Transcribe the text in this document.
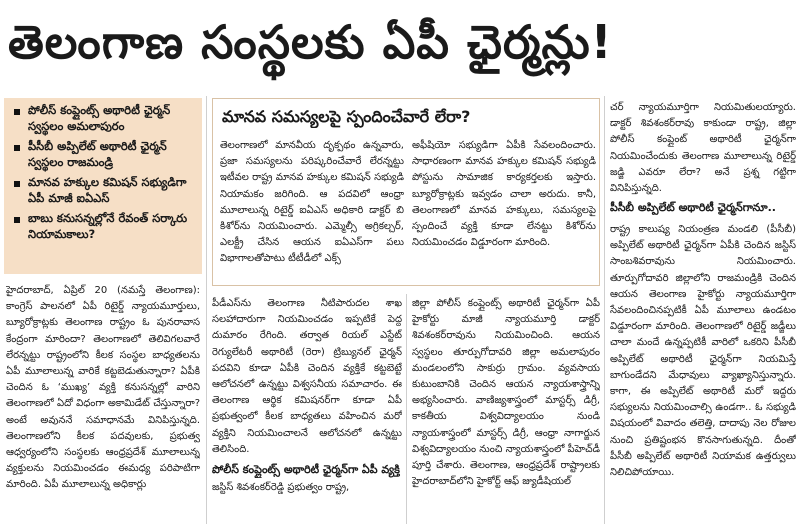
తెలంగాణ సంస్థలకు ఏపీ ఛైర్మన్లు!
పోలీస్ కంప్లైంట్స్ అథారిటీ ఛైర్మన్ స్వస్థలం అమలాపురం
పీసీబీ అప్పిలేట్ అథారిటీ ఛైర్మన్ స్వస్థలం రాజమండ్రి
మానవ హక్కుల కమిషన్ సభ్యుడిగా ఏపీ మాజీ ఐఏఎస్
బాబు కనుసన్నల్లోనే రేవంత్ సర్కారు నియామకాలు?
హైదరాబాద్, ఏప్రిల్ 20 (నమస్తే తెలంగాణ): కాంగ్రెస్ పాలనలో ఏపీ రిటైర్డ్ న్యాయమూర్తులు, బ్యూరోక్రాట్లకు తెలంగాణ రాష్ట్రం ఓ పునరావాస కేంద్రంగా మారిందా? తెలంగాణలో తెలివిగలవారే లేరన్నట్టు రాష్ట్రంలోని కీలక సంస్థల బాధ్యతలను ఏపీ మూలాలున్న వారికే కట్టబెడుతున్నారా? ఏపీకి చెందిన ఓ ‘ముఖ్య’ వ్యక్తి కనుసన్నల్లో వారిని తెలంగాణలో ఏదో విధంగా అకామిడేట్ చేస్తున్నారా? అంటే అవుననే సమాధానమే వినిపిస్తున్నది. తెలంగాణలోని కీలక పదవులకు, ప్రభుత్వ ఆధ్వర్యంలోని సంస్థలకు ఆంధ్రప్రదేశ్ మూలాలున్న వ్యక్తులను నియమించడం ఈమధ్య పరిపాటిగా మారింది. ఏపీ మూలాలున్న అధికార్లు
మానవ సమస్యలపై స్పందించేవారే లేరా?
తెలంగాణలో మానవీయ దృక్పథం ఉన్నవారు, ప్రజా సమస్యలను పరిష్కరించేవారే లేరన్నట్టు ఇటీవల రాష్ట్ర మానవ హక్కుల కమిషన్ సభ్యుడి నియామకం జరిగింది. ఆ పదవిలో ఆంధ్రా మూలాలున్న రిటైర్డ్ ఐఏఎస్ అధికారి డాక్టర్ బి కిశోర్‌ను నియమించారు. ఎమ్మెల్సీ అగ్రికల్చర్, ఎలక్ట్రీ చేసిన ఆయన ఐఏఎస్‌గా పలు విభాగాలతోపాటు టీటీడీలో ఎక్స్
అఫీషియో సభ్యుడిగా ఏపీకి సేవలందించారు. సాధారణంగా మానవ హక్కుల కమిషన్ సభ్యుడి పోస్టును సామాజిక కార్యకర్తలకు ఇస్తారు. బ్యూరోక్రాట్లకు ఇవ్వడం చాలా అరుదు. కానీ, తెలంగాణలో మానవ హక్కులు, సమస్యలపై స్పందించే వ్యక్తి కూడా లేనట్టు కిశోర్‌ను నియమించడం విడ్డూరంగా మారింది.
పీడీఎస్‌ను తెలంగాణ నీటిపారుదల శాఖ సలహాదారుగా నియమించడం ఇప్పటికే పెద్ద దుమారం రేగింది. తర్వాత రియల్ ఎస్టేట్ రెగ్యులేటరీ అథారిటీ (రెరా) ట్రిబ్యునల్ ఛైర్మన్ పదవిని కూడా ఏపీకి చెందిన వ్యక్తికే కట్టబెట్టే ఆలోచనలో ఉన్నట్టు విశ్వసనీయ సమాచారం. ఈ తెలంగాణ ఆర్థిక కమిషనర్‌గా కూడా ఏపీ ప్రభుత్వంలో కీలక బాధ్యతలు వహించిన మరో వ్యక్తిని నియమించాలనే ఆలోచనలో ఉన్నట్టు తెలిసింది.
పోలీస్ కంప్లైంట్స్ అథారిటీ ఛైర్మన్‌గా ఏపీ వ్యక్తి
జస్టిస్ శివశంకర్‌రెడ్డి ప్రభుత్వం రాష్ట్ర,
జిల్లా పోలీస్ కంప్లైంట్స్ అథారిటీ ఛైర్మన్‌గా ఏపీ హైకోర్టు మాజీ న్యాయమూర్తి డాక్టర్ శివశంకర్‌రావును నియమించింది. ఆయన స్వస్థలం తూర్పుగోదావరి జిల్లా అమలాపురం మండలంలోని సాకుర్రు గ్రామం. వ్యవసాయ కుటుంబానికి చెందిన ఆయన న్యాయశాస్త్రాన్ని అభ్యసించారు. వాణిజ్యశాస్త్రంలో మాస్టర్స్ డిగ్రీ, కాకతీయ విశ్వవిద్యాలయం నుండి న్యాయశాస్త్రంలో మాస్టర్స్ డిగ్రీ, ఆంధ్రా నాగార్జున విశ్వవిద్యాలయం నుంచి న్యాయశాస్త్రంలో పీహెచ్‌డీ పూర్తి చేశారు. తెలంగాణ, ఆంధ్రప్రదేశ్ రాష్ట్రాలకు హైదరాబాద్‌లోని హైకోర్ట్ ఆఫ్ జ్యుడీషియల్
చర్ న్యాయమూర్తిగా నియమితులయ్యారు. డాక్టర్ శివశంకర్‌రావు కాకుండా రాష్ట్ర, జిల్లా పోలీస్ కంప్లైంట్ అథారిటీ ఛైర్మన్‌గా నియమించేందుకు తెలంగాణ మూలాలున్న రిటైర్డ్ జడ్జి ఎవరూ లేరా? అనే ప్రశ్న గట్టిగా వినిపిస్తున్నది.
పీసీబీ అప్పిలేట్ అథారిటీ ఛైర్మన్‌గానూ..
రాష్ట్ర కాలుష్య నియంత్రణ మండలి (పీసీబీ) అప్పిలేట్ అథారిటీ ఛైర్మన్‌గా ఏపీకి చెందిన జస్టిస్ సాంబశివరావును నియమించారు. తూర్పుగోదావరి జిల్లాలోని రాజమండ్రికి చెందిన ఆయన తెలంగాణ హైకోర్టు న్యాయమూర్తిగా సేవలందించినప్పటికీ ఏపీ మూలాలు ఉండటం విడ్డూరంగా మారింది. తెలంగాణలో రిటైర్డ్ జడ్జీలు చాలా మందే ఉన్నప్పటికీ వారిలో ఒకరిని పీసీబీ అప్పిలేట్ అథారిటీ ఛైర్మన్‌గా నియమిస్తే బాగుండేదని మేధావులు వ్యాఖ్యానిస్తున్నారు. కాగా, ఈ అప్పిలేట్ అథారిటీ మరో ఇద్దరు సభ్యులను నియమించాల్సి ఉండగా.. ఓ సభ్యుడి విషయంలో వివాదం తలెత్తి, దాదాపు నెల రోజుల నుంచి ప్రతిష్టంభన కొనసాగుతున్నది. దీంతో పీసీబీ అప్పిలేట్ అథారిటీ నియామక ఉత్తర్వులు నిలిచిపోయాయి.
